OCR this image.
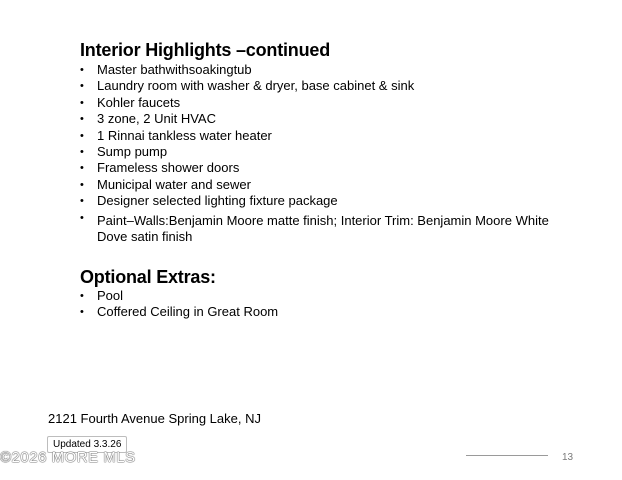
Interior Highlights –continued
• Master bathwithsoakingtub
• Laundry room with washer & dryer, base cabinet & sink
• Kohler faucets
• 3 zone, 2 Unit HVAC
• 1 Rinnai tankless water heater
• Sump pump
• Frameless shower doors
• Municipal water and sewer
• Designer selected lighting fixture package
• Paint–Walls:Benjamin Moore matte finish; Interior Trim: Benjamin Moore White Dove satin finish
Optional Extras:
• Pool
• Coffered Ceiling in Great Room
2121 Fourth Avenue Spring Lake, NJ
Updated 3.3.26
©2026 MORE MLS	13
